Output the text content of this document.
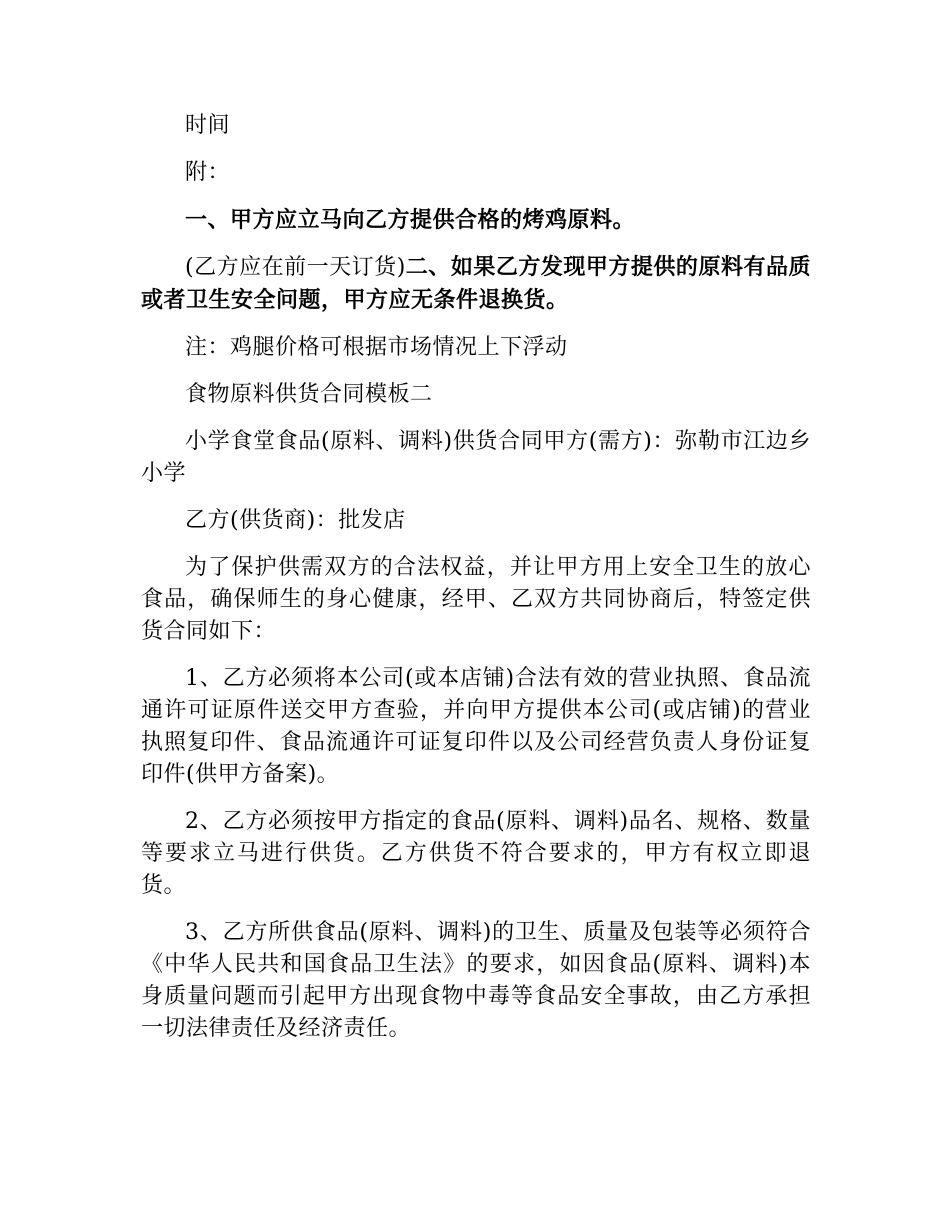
时间

附：

一、甲方应立马向乙方提供合格的烤鸡原料。

(乙方应在前一天订货)二、如果乙方发现甲方提供的原料有品质或者卫生安全问题，甲方应无条件退换货。

注：鸡腿价格可根据市场情况上下浮动

食物原料供货合同模板二

小学食堂食品(原料、调料)供货合同甲方(需方)：弥勒市江边乡小学

乙方(供货商)：批发店

为了保护供需双方的合法权益，并让甲方用上安全卫生的放心食品，确保师生的身心健康，经甲、乙双方共同协商后，特签定供货合同如下：

1、乙方必须将本公司(或本店铺)合法有效的营业执照、食品流通许可证原件送交甲方查验，并向甲方提供本公司(或店铺)的营业执照复印件、食品流通许可证复印件以及公司经营负责人身份证复印件(供甲方备案)。

2、乙方必须按甲方指定的食品(原料、调料)品名、规格、数量等要求立马进行供货。乙方供货不符合要求的，甲方有权立即退货。

3、乙方所供食品(原料、调料)的卫生、质量及包装等必须符合《中华人民共和国食品卫生法》的要求，如因食品(原料、调料)本身质量问题而引起甲方出现食物中毒等食品安全事故，由乙方承担一切法律责任及经济责任。
